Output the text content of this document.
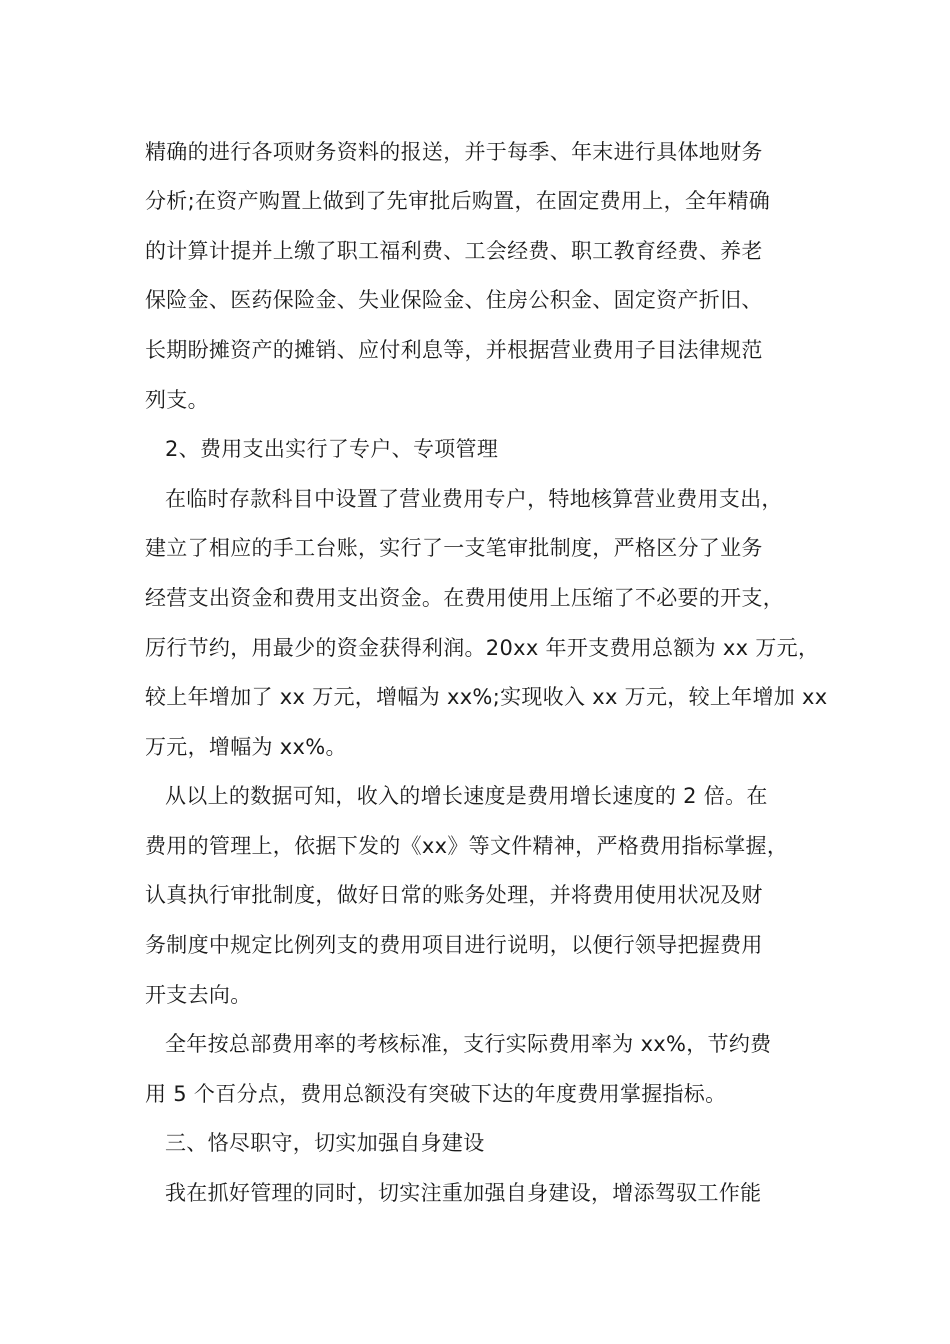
精确的进行各项财务资料的报送，并于每季、年末进行具体地财务
分析;在资产购置上做到了先审批后购置，在固定费用上，全年精确
的计算计提并上缴了职工福利费、工会经费、职工教育经费、养老
保险金、医药保险金、失业保险金、住房公积金、固定资产折旧、
长期盼摊资产的摊销、应付利息等，并根据营业费用子目法律规范
列支。
2、费用支出实行了专户、专项管理
在临时存款科目中设置了营业费用专户，特地核算营业费用支出，
建立了相应的手工台账，实行了一支笔审批制度，严格区分了业务
经营支出资金和费用支出资金。在费用使用上压缩了不必要的开支，
厉行节约，用最少的资金获得利润。20xx 年开支费用总额为 xx 万元，
较上年增加了 xx 万元，增幅为 xx%;实现收入 xx 万元，较上年增加 xx
万元，增幅为 xx%。
从以上的数据可知，收入的增长速度是费用增长速度的 2 倍。在
费用的管理上，依据下发的《xx》等文件精神，严格费用指标掌握，
认真执行审批制度，做好日常的账务处理，并将费用使用状况及财
务制度中规定比例列支的费用项目进行说明，以便行领导把握费用
开支去向。
全年按总部费用率的考核标准，支行实际费用率为 xx%，节约费
用 5 个百分点，费用总额没有突破下达的年度费用掌握指标。
三、恪尽职守，切实加强自身建设
我在抓好管理的同时，切实注重加强自身建设，增添驾驭工作能
